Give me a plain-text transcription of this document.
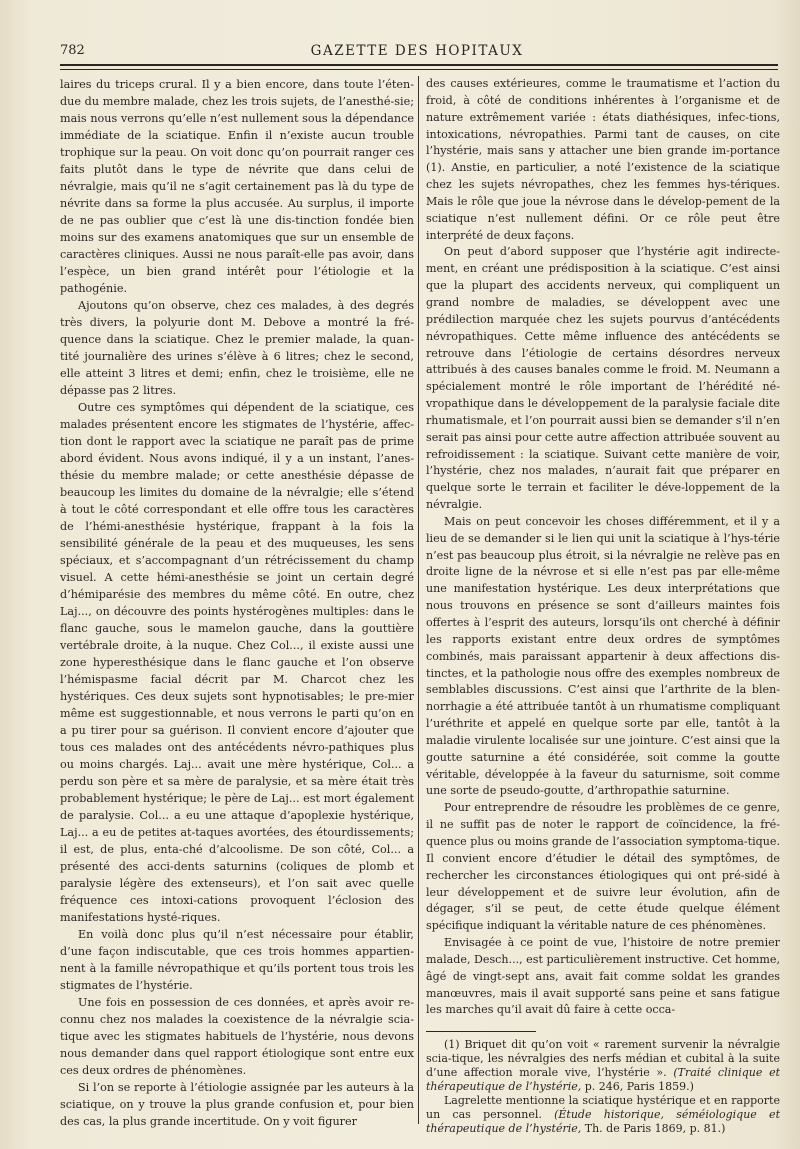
782	GAZETTE DES HOPITAUX

laires du triceps crural. Il y a bien encore, dans toute l’éten-due du membre malade, chez les trois sujets, de l’anesthé-sie; mais nous verrons qu’elle n’est nullement sous la dépendance immédiate de la sciatique. Enfin il n’existe aucun trouble trophique sur la peau. On voit donc qu’on pourrait ranger ces faits plutôt dans le type de névrite que dans celui de névralgie, mais qu’il ne s’agit certainement pas là du type de névrite dans sa forme la plus accusée. Au surplus, il importe de ne pas oublier que c’est là une dis-tinction fondée bien moins sur des examens anatomiques que sur un ensemble de caractères cliniques. Aussi ne nous paraît-elle pas avoir, dans l’espèce, un bien grand intérêt pour l’étiologie et la pathogénie.

Ajoutons qu’on observe, chez ces malades, à des degrés très divers, la polyurie dont M. Debove a montré la fré-quence dans la sciatique. Chez le premier malade, la quan-tité journalière des urines s’élève à 6 litres; chez le second, elle atteint 3 litres et demi; enfin, chez le troisième, elle ne dépasse pas 2 litres.

Outre ces symptômes qui dépendent de la sciatique, ces malades présentent encore les stigmates de l’hystérie, affec-tion dont le rapport avec la sciatique ne paraît pas de prime abord évident. Nous avons indiqué, il y a un instant, l’anes-thésie du membre malade; or cette anesthésie dépasse de beaucoup les limites du domaine de la névralgie; elle s’étend à tout le côté correspondant et elle offre tous les caractères de l’hémi-anesthésie hystérique, frappant à la fois la sensibilité générale de la peau et des muqueuses, les sens spéciaux, et s’accompagnant d’un rétrécissement du champ visuel. A cette hémi-anesthésie se joint un certain degré d’hémiparésie des membres du même côté. En outre, chez Laj..., on découvre des points hystérogènes multiples: dans le flanc gauche, sous le mamelon gauche, dans la gouttière vertébrale droite, à la nuque. Chez Col..., il existe aussi une zone hyperesthésique dans le flanc gauche et l’on observe l’hémispasme facial décrit par M. Charcot chez les hystériques. Ces deux sujets sont hypnotisables; le pre-mier même est suggestionnable, et nous verrons le parti qu’on en a pu tirer pour sa guérison. Il convient encore d’ajouter que tous ces malades ont des antécédents névro-pathiques plus ou moins chargés. Laj... avait une mère hystérique, Col... a perdu son père et sa mère de paralysie, et sa mère était très probablement hystérique; le père de Laj... est mort également de paralysie. Col... a eu une attaque d’apoplexie hystérique, Laj... a eu de petites at-taques avortées, des étourdissements; il est, de plus, enta-ché d’alcoolisme. De son côté, Col... a présenté des acci-dents saturnins (coliques de plomb et paralysie légère des extenseurs), et l’on sait avec quelle fréquence ces intoxi-cations provoquent l’éclosion des manifestations hysté-riques.

En voilà donc plus qu’il n’est nécessaire pour établir, d’une façon indiscutable, que ces trois hommes appartien-nent à la famille névropathique et qu’ils portent tous trois les stigmates de l’hystérie.

Une fois en possession de ces données, et après avoir re-connu chez nos malades la coexistence de la névralgie scia-tique avec les stigmates habituels de l’hystérie, nous devons nous demander dans quel rapport étiologique sont entre eux ces deux ordres de phénomènes.

Si l’on se reporte à l’étiologie assignée par les auteurs à la sciatique, on y trouve la plus grande confusion et, pour bien des cas, la plus grande incertitude. On y voit figurer

des causes extérieures, comme le traumatisme et l’action du froid, à côté de conditions inhérentes à l’organisme et de nature extrêmement variée : états diathésiques, infec-tions, intoxications, névropathies. Parmi tant de causes, on cite l’hystérie, mais sans y attacher une bien grande im-portance (1). Anstie, en particulier, a noté l’existence de la sciatique chez les sujets névropathes, chez les femmes hys-tériques. Mais le rôle que joue la névrose dans le dévelop-pement de la sciatique n’est nullement défini. Or ce rôle peut être interprété de deux façons.

On peut d’abord supposer que l’hystérie agit indirecte-ment, en créant une prédisposition à la sciatique. C’est ainsi que la plupart des accidents nerveux, qui compliquent un grand nombre de maladies, se développent avec une prédilection marquée chez les sujets pourvus d’antécédents névropathiques. Cette même influence des antécédents se retrouve dans l’étiologie de certains désordres nerveux attribués à des causes banales comme le froid. M. Neumann a spécialement montré le rôle important de l’hérédité né-vropathique dans le développement de la paralysie faciale dite rhumatismale, et l’on pourrait aussi bien se demander s’il n’en serait pas ainsi pour cette autre affection attribuée souvent au refroidissement : la sciatique. Suivant cette manière de voir, l’hystérie, chez nos malades, n’aurait fait que préparer en quelque sorte le terrain et faciliter le déve-loppement de la névralgie.

Mais on peut concevoir les choses différemment, et il y a lieu de se demander si le lien qui unit la sciatique à l’hys-térie n’est pas beaucoup plus étroit, si la névralgie ne relève pas en droite ligne de la névrose et si elle n’est pas par elle-même une manifestation hystérique. Les deux interprétations que nous trouvons en présence se sont d’ailleurs maintes fois offertes à l’esprit des auteurs, lorsqu’ils ont cherché à définir les rapports existant entre deux ordres de symptômes combinés, mais paraissant appartenir à deux affections dis-tinctes, et la pathologie nous offre des exemples nombreux de semblables discussions. C’est ainsi que l’arthrite de la blen-norrhagie a été attribuée tantôt à un rhumatisme compliquant l’uréthrite et appelé en quelque sorte par elle, tantôt à la maladie virulente localisée sur une jointure. C’est ainsi que la goutte saturnine a été considérée, soit comme la goutte véritable, développée à la faveur du saturnisme, soit comme une sorte de pseudo-goutte, d’arthropathie saturnine.

Pour entreprendre de résoudre les problèmes de ce genre, il ne suffit pas de noter le rapport de coïncidence, la fré-quence plus ou moins grande de l’association symptoma-tique. Il convient encore d’étudier le détail des symptômes, de rechercher les circonstances étiologiques qui ont pré-sidé à leur développement et de suivre leur évolution, afin de dégager, s’il se peut, de cette étude quelque élément spécifique indiquant la véritable nature de ces phénomènes.

Envisagée à ce point de vue, l’histoire de notre premier malade, Desch..., est particulièrement instructive. Cet homme, âgé de vingt-sept ans, avait fait comme soldat les grandes manœuvres, mais il avait supporté sans peine et sans fatigue les marches qu’il avait dû faire à cette occa-

(1) Briquet dit qu’on voit « rarement survenir la névralgie scia-tique, les névralgies des nerfs médian et cubital à la suite d’une affection morale vive, l’hystérie ». (Traité clinique et thérapeutique de l’hystérie, p. 246, Paris 1859.)

Lagrelette mentionne la sciatique hystérique et en rapporte un cas personnel. (Étude historique, séméiologique et thérapeutique de l’hystérie, Th. de Paris 1869, p. 81.)
